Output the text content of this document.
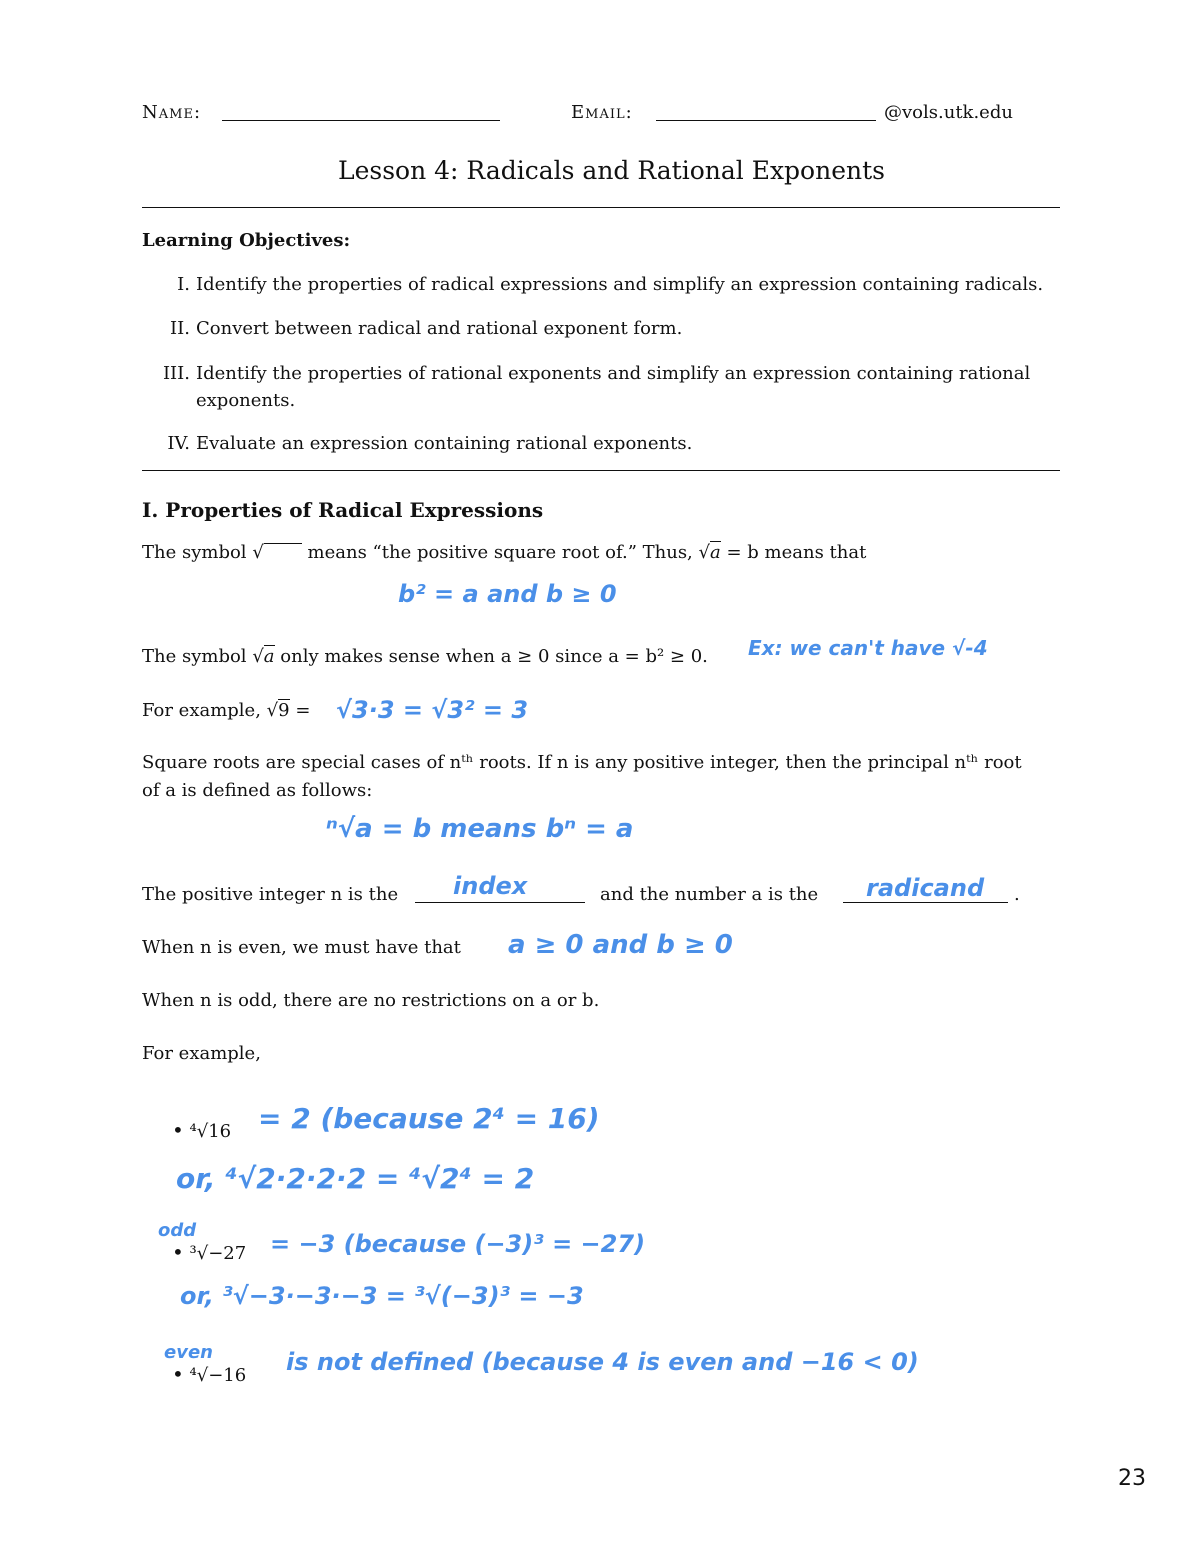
Name:	Email:	@vols.utk.edu
Lesson 4: Radicals and Rational Exponents
Learning Objectives:
I. Identify the properties of radical expressions and simplify an expression containing radicals.
II. Convert between radical and rational exponent form.
III. Identify the properties of rational exponents and simplify an expression containing rational
exponents.
IV. Evaluate an expression containing rational exponents.
I. Properties of Radical Expressions
The symbol √ means “the positive square root of.” Thus, √a = b means that
b² = a and b ≥ 0
The symbol √a only makes sense when a ≥ 0 since a = b² ≥ 0. Ex: we can't have √-4
For example, √9 = √3·3 = √3² = 3
Square roots are special cases of nᵗʰ roots. If n is any positive integer, then the principal nᵗʰ root
of a is defined as follows:
ⁿ√a = b means bⁿ = a
The positive integer n is the index	and the number a is the radicand .
When n is even, we must have that a ≥ 0 and b ≥ 0
When n is odd, there are no restrictions on a or b.
For example,
• ⁴√16 = 2 (because 2⁴ = 16)
or, ⁴√2·2·2·2 = ⁴√2⁴ = 2
odd
• ³√−27 = −3 (because (−3)³ = −27)
or, ³√−3·−3·−3 = ³√(−3)³ = −3
even
• ⁴√−16 is not defined (because 4 is even and −16 < 0)
23
